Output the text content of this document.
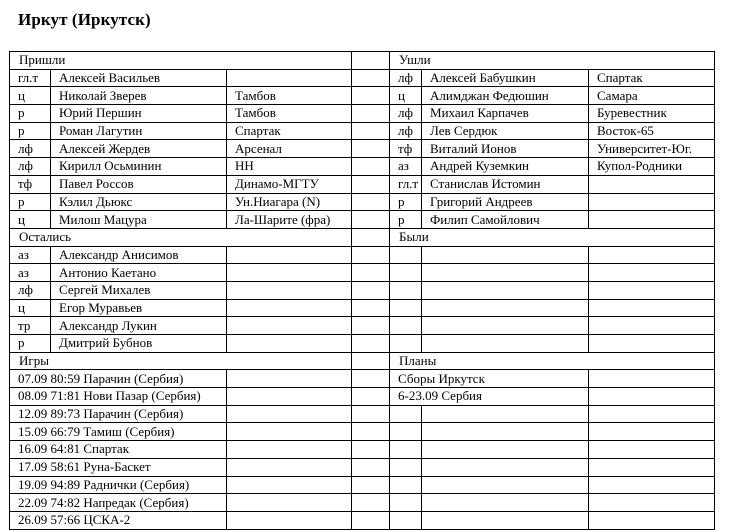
Иркут (Иркутск)
Пришли				Ушли		
гл.т	Алексей Васильев			лф	Алексей Бабушкин	Спартак
ц	Николай Зверев	Тамбов		ц	Алимджан Федюшин	Самара
р	Юрий Першин	Тамбов		лф	Михаил Карпачев	Буревестник
р	Роман Лагутин	Спартак		лф	Лев Сердюк	Восток-65
лф	Алексей Жердев	Арсенал		тф	Виталий Ионов	Университет-Юг.
лф	Кирилл Осьминин	НН		аз	Андрей Куземкин	Купол-Родники
тф	Павел Россов	Динамо-МГТУ		гл.т	Станислав Истомин	
р	Кэлил Дьюкс	Ун.Ниагара (N)		р	Григорий Андреев	
ц	Милош Мацура	Ла-Шарите (фра)		р	Филип Самойлович	
Остались				Были		
аз	Александр Анисимов					
аз	Антонио Каетано					
лф	Сергей Михалев					
ц	Егор Муравьев					
тр	Александр Лукин					
р	Дмитрий Бубнов					
Игры				Планы		
07.09 80:59 Парачин (Сербия)				Сборы Иркутск		
08.09 71:81 Нови Пазар (Сербия)				6-23.09 Сербия		
12.09 89:73 Парачин (Сербия)						
15.09 66:79 Тамиш (Сербия)						
16.09 64:81 Спартак						
17.09 58:61 Руна-Баскет						
19.09 94:89 Раднички (Сербия)						
22.09 74:82 Напредак (Сербия)						
26.09 57:66 ЦСКА-2						
